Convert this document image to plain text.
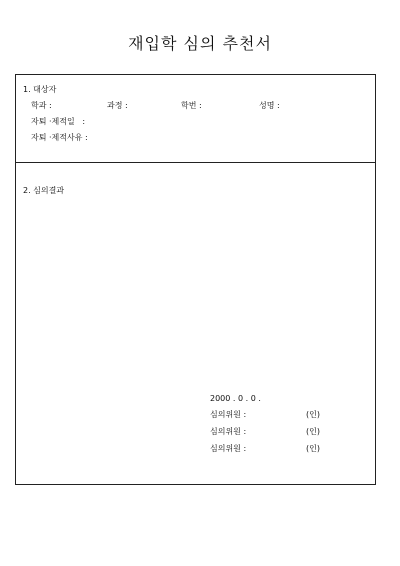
재입학 심의 추천서
1. 대상자
학과 :	과정 :	학번 :	성명 :
자퇴 ·제적일   :
자퇴 ·제적사유 :
2. 심의결과
2000 . 0 . 0 .
심의위원 :	(인)
심의위원 :	(인)
심의위원 :	(인)
